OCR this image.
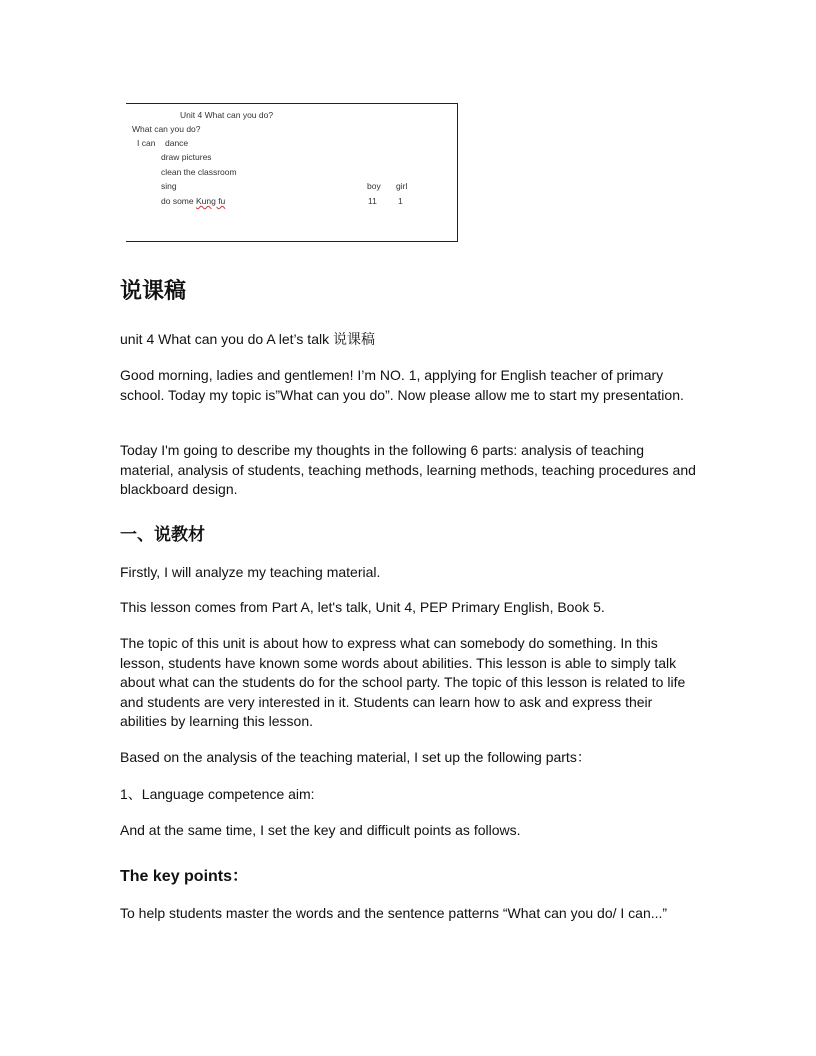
Unit 4 What can you do?
What can you do?
I can dance
draw pictures
clean the classroom
sing
do some Kung fu
boy girl
11 1
说课稿

unit 4 What can you do A let’s talk 说课稿

Good morning, ladies and gentlemen! I’m NO. 1, applying for English teacher of primary school. Today my topic is”What can you do”. Now please allow me to start my presentation.

Today I'm going to describe my thoughts in the following 6 parts: analysis of teaching material, analysis of students, teaching methods, learning methods, teaching procedures and blackboard design.

一、说教材

Firstly, I will analyze my teaching material.

This lesson comes from Part A, let's talk, Unit 4, PEP Primary English, Book 5.

The topic of this unit is about how to express what can somebody do something. In this lesson, students have known some words about abilities. This lesson is able to simply talk about what can the students do for the school party. The topic of this lesson is related to life and students are very interested in it. Students can learn how to ask and express their abilities by learning this lesson.

Based on the analysis of the teaching material, I set up the following parts：

1、Language competence aim:

And at the same time, I set the key and difficult points as follows.

The key points：

To help students master the words and the sentence patterns “What can you do/ I can...”
